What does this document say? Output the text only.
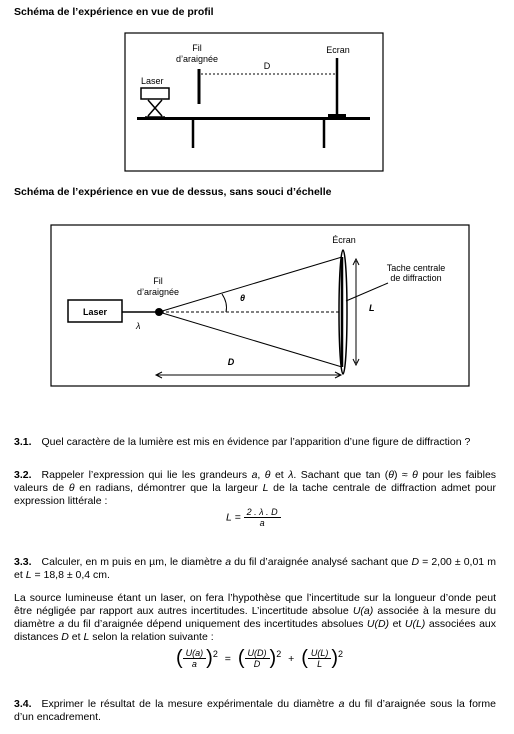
Schéma de l’expérience en vue de profil
Fil
d’araignée
Ecran
D
Laser
Schéma de l’expérience en vue de dessus, sans souci d’échelle
Écran
Tache centrale
de diffraction
Fil
d’araignée
θ
L
Laser
λ
D
3.1. Quel caractère de la lumière est mis en évidence par l’apparition d’une figure de diffraction ?
3.2. Rappeler l’expression qui lie les grandeurs a, θ et λ. Sachant que tan (θ) ≈ θ pour les faibles valeurs de θ en radians, démontrer que la largeur L de la tache centrale de diffraction admet pour expression littérale :
$L = \frac{2 . \lambda . D}{a}$
3.3. Calculer, en m puis en µm, le diamètre a du fil d’araignée analysé sachant que D = 2,00 ± 0,01 m et L = 18,8 ± 0,4 cm.
La source lumineuse étant un laser, on fera l’hypothèse que l’incertitude sur la longueur d’onde peut être négligée par rapport aux autres incertitudes. L’incertitude absolue U(a) associée à la mesure du diamètre a du fil d’araignée dépend uniquement des incertitudes absolues U(D) et U(L) associées aux distances D et L selon la relation suivante :
( $\frac{U(a)}{a} )2$ = ( $\frac{U(D)}{D} )2$ + ( $\frac{U(L)}{L} )2$
3.4. Exprimer le résultat de la mesure expérimentale du diamètre a du fil d’araignée sous la forme d’un encadrement.
